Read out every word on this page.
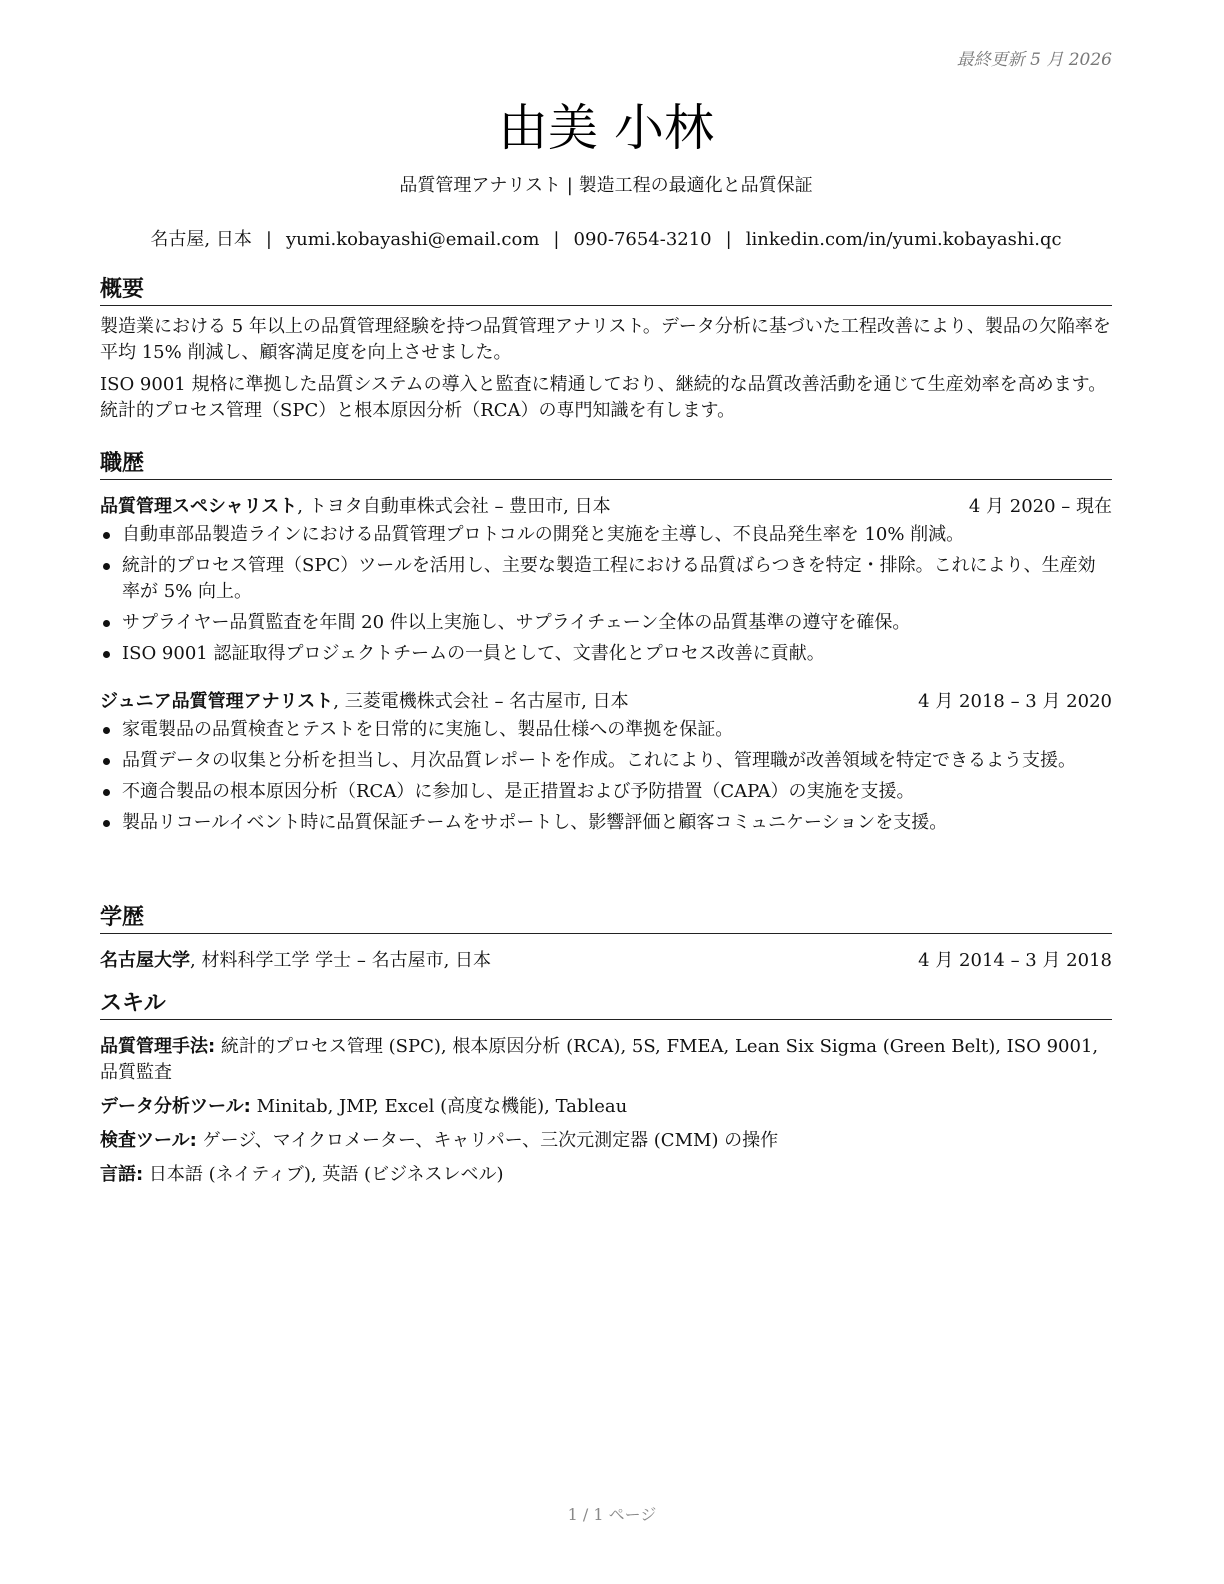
最終更新 5 月 2026
由美 小林
品質管理アナリスト | 製造工程の最適化と品質保証
名古屋, 日本 | yumi.kobayashi@email.com | 090-7654-3210 | linkedin.com/in/yumi.kobayashi.qc
概要

製造業における 5 年以上の品質管理経験を持つ品質管理アナリスト。データ分析に基づいた工程改善により、製品の欠陥率を平均 15% 削減し、顧客満足度を向上させました。

ISO 9001 規格に準拠した品質システムの導入と監査に精通しており、継続的な品質改善活動を通じて生産効率を高めます。統計的プロセス管理（SPC）と根本原因分析（RCA）の専門知識を有します。

職歴
品質管理スペシャリスト, トヨタ自動車株式会社 – 豊田市, 日本	4 月 2020 – 現在
自動車部品製造ラインにおける品質管理プロトコルの開発と実施を主導し、不良品発生率を 10% 削減。
統計的プロセス管理（SPC）ツールを活用し、主要な製造工程における品質ばらつきを特定・排除。これにより、生産効率が 5% 向上。
サプライヤー品質監査を年間 20 件以上実施し、サプライチェーン全体の品質基準の遵守を確保。
ISO 9001 認証取得プロジェクトチームの一員として、文書化とプロセス改善に貢献。
ジュニア品質管理アナリスト, 三菱電機株式会社 – 名古屋市, 日本	4 月 2018 – 3 月 2020
家電製品の品質検査とテストを日常的に実施し、製品仕様への準拠を保証。
品質データの収集と分析を担当し、月次品質レポートを作成。これにより、管理職が改善領域を特定できるよう支援。
不適合製品の根本原因分析（RCA）に参加し、是正措置および予防措置（CAPA）の実施を支援。
製品リコールイベント時に品質保証チームをサポートし、影響評価と顧客コミュニケーションを支援。
学歴
名古屋大学, 材料科学工学 学士 – 名古屋市, 日本	4 月 2014 – 3 月 2018
スキル

品質管理手法: 統計的プロセス管理 (SPC), 根本原因分析 (RCA), 5S, FMEA, Lean Six Sigma (Green Belt), ISO 9001, 品質監査

データ分析ツール: Minitab, JMP, Excel (高度な機能), Tableau

検査ツール: ゲージ、マイクロメーター、キャリパー、三次元測定器 (CMM) の操作

言語: 日本語 (ネイティブ), 英語 (ビジネスレベル)

1 / 1 ページ
